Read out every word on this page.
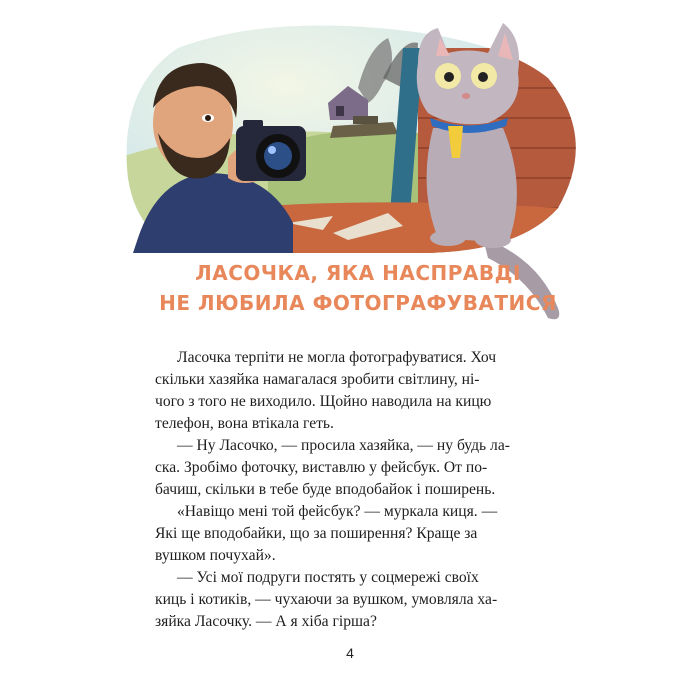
ЛАСОЧКА, ЯКА НАСПРАВДІ
НЕ ЛЮБИЛА ФОТОГРАФУВАТИСЯ
Ласочка терпіти не могла фотографуватися. Хоч
скільки хазяйка намагалася зробити світлину, ні-
чого з того не виходило. Щойно наводила на кицю
телефон, вона втікала геть.
— Ну Ласочко, — просила хазяйка, — ну будь ла-
ска. Зробімо фоточку, виставлю у фейсбук. От по-
бачиш, скільки в тебе буде вподобайок і поширень.
«Навіщо мені той фейсбук? — муркала киця. —
Які ще вподобайки, що за поширення? Краще за
вушком почухай».
— Усі мої подруги постять у соцмережі своїх
киць і котиків, — чухаючи за вушком, умовляла ха-
зяйка Ласочку. — А я хіба гірша?
4
